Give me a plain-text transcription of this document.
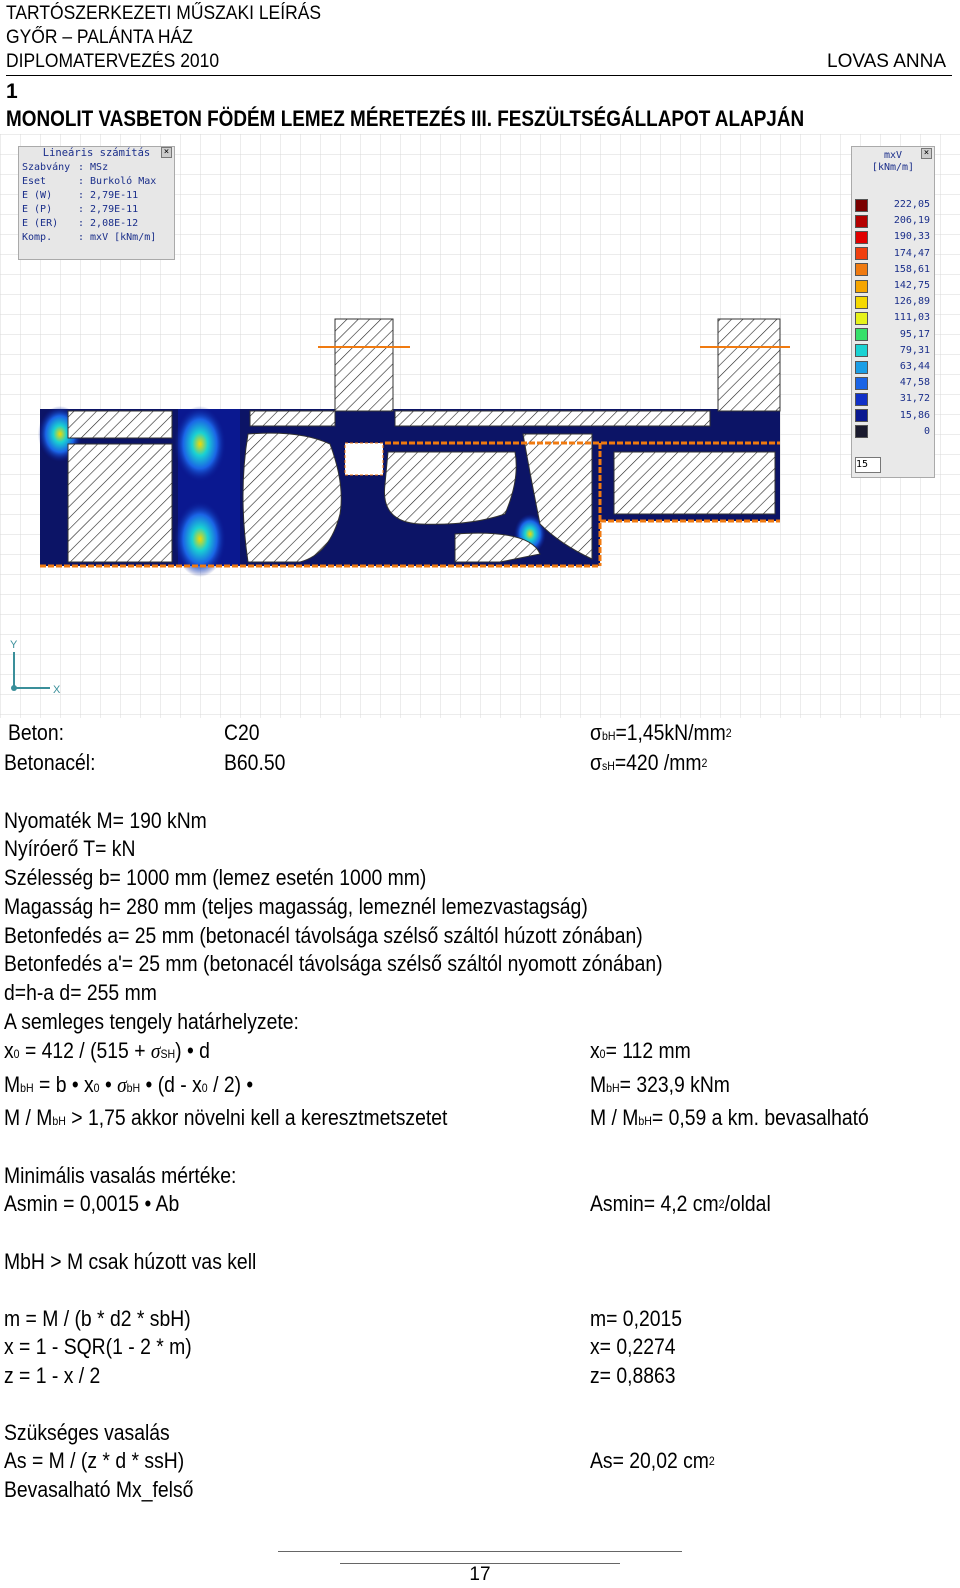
TARTÓSZERKEZETI MŰSZAKI LEÍRÁS
GYŐR – PALÁNTA HÁZ
DIPLOMATERVEZÉS 2010	LOVAS ANNA
1
MONOLIT VASBETON FÖDÉM LEMEZ MÉRETEZÉS III. FESZÜLTSÉGÁLLAPOT ALAPJÁN
Y
X
Lineáris számítás	×
Szabvány : MSz
Eset	: Burkoló Max
E (W)	: 2,79E-11
E (P)	: 2,79E-11
E (ER)	: 2,08E-12
Komp.	: mxV [kNm/m]
×
mxV
[kNm/m]
222,05
206,19
190,33
174,47
158,61
142,75
126,89
111,03
95,17
79,31
63,44
47,58
31,72
15,86
0
15
Beton:	C20	$\sigma bH=1,45kN/mm^2$
Betonacél:	B60.50	σsH=420 $/mm^2$
Nyomaték M= 190 kNm
Nyíróerő T= kN
Szélesség b= 1000 mm (lemez esetén 1000 mm)
Magasság h= 280 mm (teljes magasság, lemeznél lemezvastagság)
Betonfedés a= 25 mm (betonacél távolsága szélső száltól húzott zónában)
Betonfedés a'= 25 mm (betonacél távolsága szélső száltól nyomott zónában)
d=h-a d= 255 mm
A semleges tengely határhelyzete:
x0 = 412 / (515 + σSH) • d	x0= 112 mm
MbH = b • x0 • σbH • (d - x0 / 2) •	MbH= 323,9 kNm
M / MbH > 1,75 akkor növelni kell a keresztmetszetet	M / MbH= 0,59 a km. bevasalható
Minimális vasalás mértéke:
Asmin = 0,0015 • Ab	Asmin= 4,2 $cm^2$/oldal
MbH > M csak húzott vas kell
m = M / (b * d2 * sbH)	m= 0,2015
x = 1 - SQR(1 - 2 * m)	x= 0,2274
z = 1 - x / 2	z= 0,8863
Szükséges vasalás
As = M / (z * d * ssH)	As= 20,02 $cm^2$
Bevasalható Mx_felső
17
